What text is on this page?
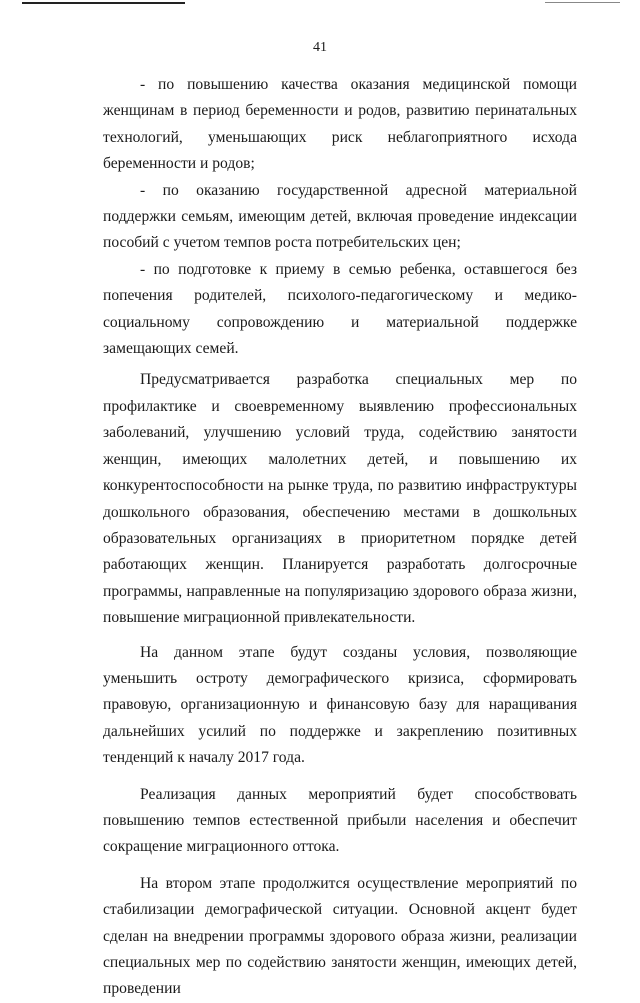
41

- по повышению качества оказания медицинской помощи женщинам в период беременности и родов, развитию перинатальных технологий, уменьшающих риск неблагоприятного исхода беременности и родов;

- по оказанию государственной адресной материальной поддержки семьям, имеющим детей, включая проведение индексации пособий с учетом темпов роста потребительских цен;

- по подготовке к приему в семью ребенка, оставшегося без попечения родителей, психолого-педагогическому и медико-социальному сопровождению и материальной поддержке замещающих семей.

Предусматривается разработка специальных мер по профилактике и своевременному выявлению профессиональных заболеваний, улучшению условий труда, содействию занятости женщин, имеющих малолетних детей, и повышению их конкурентоспособности на рынке труда, по развитию инфраструктуры дошкольного образования, обеспечению местами в дошкольных образовательных организациях в приоритетном порядке детей работающих женщин. Планируется разработать долгосрочные программы, направленные на популяризацию здорового образа жизни, повышение миграционной привлекательности.

На данном этапе будут созданы условия, позволяющие уменьшить остроту демографического кризиса, сформировать правовую, организационную и финансовую базу для наращивания дальнейших усилий по поддержке и закреплению позитивных тенденций к началу 2017 года.

Реализация данных мероприятий будет способствовать повышению темпов естественной прибыли населения и обеспечит сокращение миграционного оттока.

На втором этапе продолжится осуществление мероприятий по стабилизации демографической ситуации. Основной акцент будет сделан на внедрении программы здорового образа жизни, реализации специальных мер по содействию занятости женщин, имеющих детей, проведении
